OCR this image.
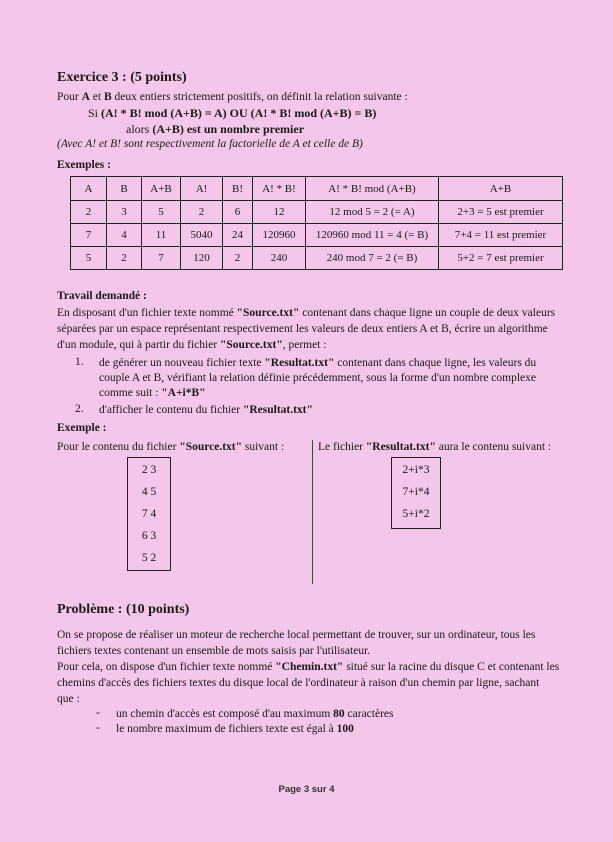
Exercice 3 : (5 points)

Pour A et B deux entiers strictement positifs, on définit la relation suivante :

Si (A! * B! mod (A+B) = A) OU (A! * B! mod (A+B) = B)

alors (A+B) est un nombre premier

(Avec A! et B! sont respectivement la factorielle de A et celle de B)

Exemples :

A	B	A+B	A!	B!	A! * B!	A! * B! mod (A+B)	A+B
2	3	5	2	6	12	12 mod 5 = 2 (= A)	2+3 = 5 est premier
7	4	11	5040	24	120960	120960 mod 11 = 4 (= B)	7+4 = 11 est premier
5	2	7	120	2	240	240 mod 7 = 2 (= B)	5+2 = 7 est premier

Travail demandé :

En disposant d'un fichier texte nommé "Source.txt" contenant dans chaque ligne un couple de deux valeurs

séparées par un espace représentant respectivement les valeurs de deux entiers A et B, écrire un algorithme

d'un module, qui à partir du fichier "Source.txt", permet :

1. de générer un nouveau fichier texte "Resultat.txt" contenant dans chaque ligne, les valeurs du

couple A et B, vérifiant la relation définie précédemment, sous la forme d'un nombre complexe

comme suit : "A+i*B"

2. d'afficher le contenu du fichier "Resultat.txt"

Exemple :

Pour le contenu du fichier "Source.txt" suivant :	Le fichier "Resultat.txt" aura le contenu suivant :

2 3
4 5
7 4
6 3
5 2
2+i*3
7+i*4
5+i*2
Problème : (10 points)

On se propose de réaliser un moteur de recherche local permettant de trouver, sur un ordinateur, tous les

fichiers textes contenant un ensemble de mots saisis par l'utilisateur.

Pour cela, on dispose d'un fichier texte nommé "Chemin.txt" situé sur la racine du disque C et contenant les

chemins d'accès des fichiers textes du disque local de l'ordinateur à raison d'un chemin par ligne, sachant

que :

- un chemin d'accès est composé d'au maximum 80 caractères

- le nombre maximum de fichiers texte est égal à 100

Page 3 sur 4
